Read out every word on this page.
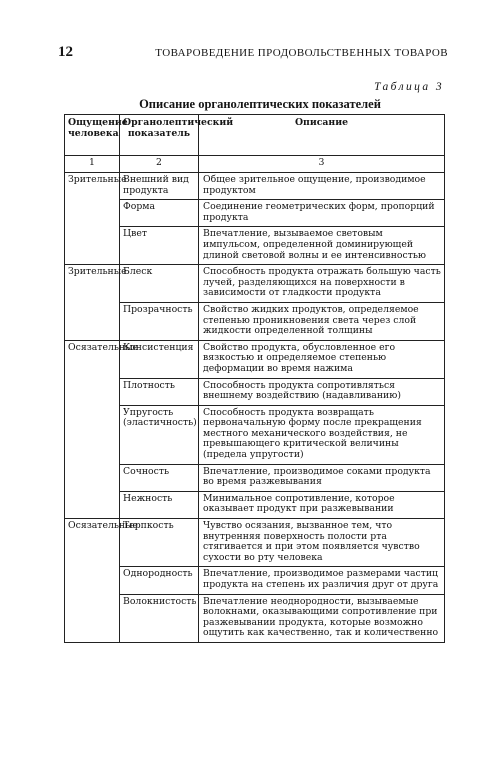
12	ТОВАРОВЕДЕНИЕ ПРОДОВОЛЬСТВЕННЫХ ТОВАРОВ
Таблица 3
Описание органолептических показателей
Ощущение человека	Органолептический показатель	Описание
1	2	3
Зрительные	Внешний вид продукта	Общее зрительное ощущение, производимое продуктом
	Форма	Соединение геометрических форм, пропорций продукта
	Цвет	Впечатление, вызываемое световым импульсом, определенной доминирующей длиной световой волны и ее интенсивностью
Зрительные	Блеск	Способность продукта отражать большую часть лучей, разделяющихся на поверхности в зависимости от гладкости продукта
	Прозрачность	Свойство жидких продуктов, определяемое степенью проникновения света через слой жидкости определенной толщины
Осязательные	Консистенция	Свойство продукта, обусловленное его вязкостью и определяемое степенью деформации во время нажима
	Плотность	Способность продукта сопротивляться внешнему воздействию (надавливанию)
	Упругость (эластичность)	Способность продукта возвращать первоначальную форму после прекращения местного механического воздействия, не превышающего критической величины (предела упругости)
	Сочность	Впечатление, производимое соками продукта во время разжевывания
	Нежность	Минимальное сопротивление, которое оказывает продукт при разжевывании
Осязательные	Терпкость	Чувство осязания, вызванное тем, что внутренняя поверхность полости рта стягивается и при этом появляется чувство сухости во рту человека
	Однородность	Впечатление, производимое размерами частиц продукта на степень их различия друг от друга
	Волокнистость	Впечатление неоднородности, вызываемые волокнами, оказывающими сопротивление при разжевывании продукта, которые возможно ощутить как качественно, так и количественно
